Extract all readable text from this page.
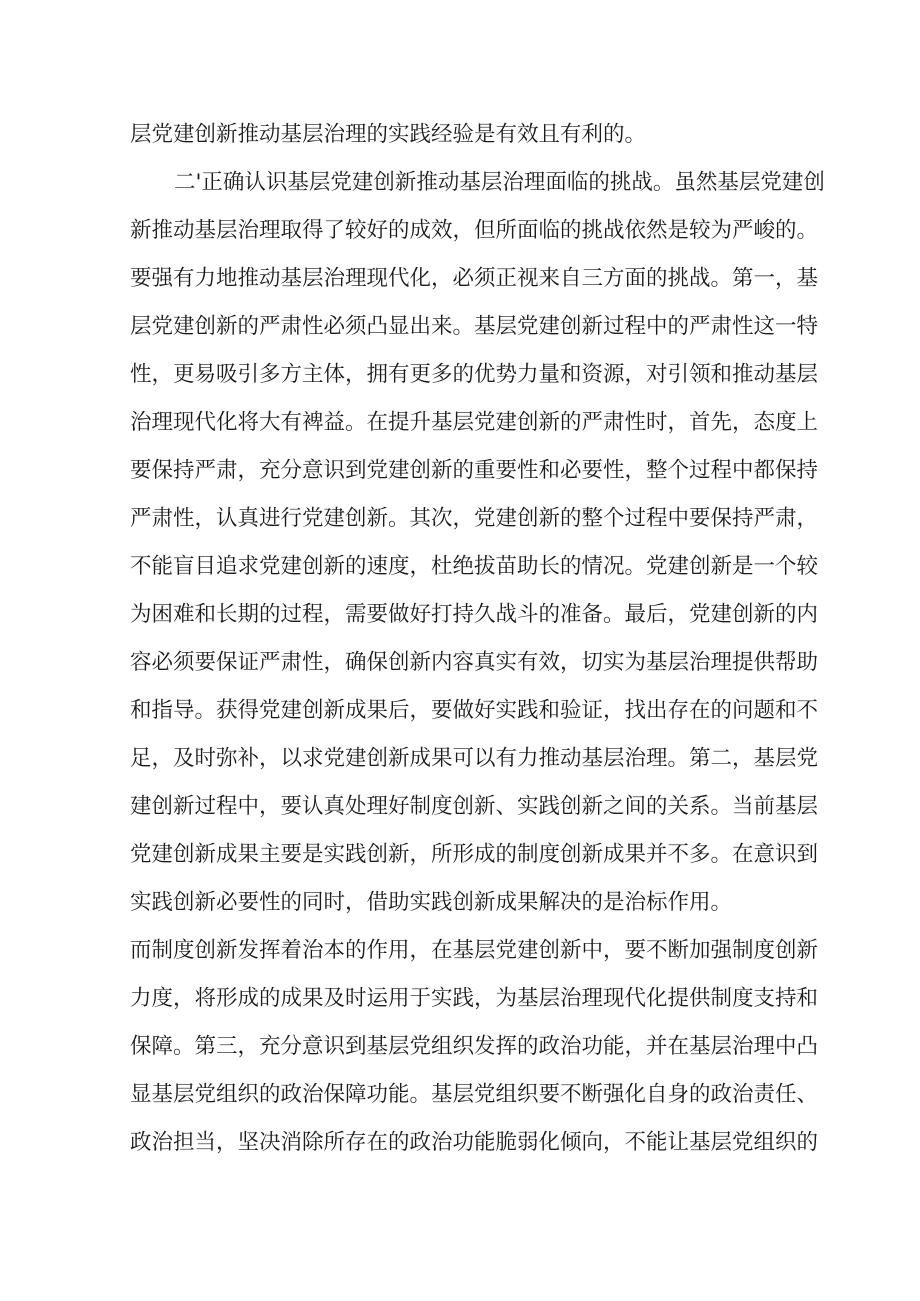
层党建创新推动基层治理的实践经验是有效且有利的。
二'正确认识基层党建创新推动基层治理面临的挑战。虽然基层党建创
新推动基层治理取得了较好的成效，但所面临的挑战依然是较为严峻的。
要强有力地推动基层治理现代化，必须正视来自三方面的挑战。第一，基
层党建创新的严肃性必须凸显出来。基层党建创新过程中的严肃性这一特
性，更易吸引多方主体，拥有更多的优势力量和资源，对引领和推动基层
治理现代化将大有裨益。在提升基层党建创新的严肃性时，首先，态度上
要保持严肃，充分意识到党建创新的重要性和必要性，整个过程中都保持
严肃性，认真进行党建创新。其次，党建创新的整个过程中要保持严肃，
不能盲目追求党建创新的速度，杜绝拔苗助长的情况。党建创新是一个较
为困难和长期的过程，需要做好打持久战斗的准备。最后，党建创新的内
容必须要保证严肃性，确保创新内容真实有效，切实为基层治理提供帮助
和指导。获得党建创新成果后，要做好实践和验证，找出存在的问题和不
足，及时弥补，以求党建创新成果可以有力推动基层治理。第二，基层党
建创新过程中，要认真处理好制度创新、实践创新之间的关系。当前基层
党建创新成果主要是实践创新，所形成的制度创新成果并不多。在意识到
实践创新必要性的同时，借助实践创新成果解决的是治标作用。
而制度创新发挥着治本的作用，在基层党建创新中，要不断加强制度创新
力度，将形成的成果及时运用于实践，为基层治理现代化提供制度支持和
保障。第三，充分意识到基层党组织发挥的政治功能，并在基层治理中凸
显基层党组织的政治保障功能。基层党组织要不断强化自身的政治责任、
政治担当，坚决消除所存在的政治功能脆弱化倾向，不能让基层党组织的
